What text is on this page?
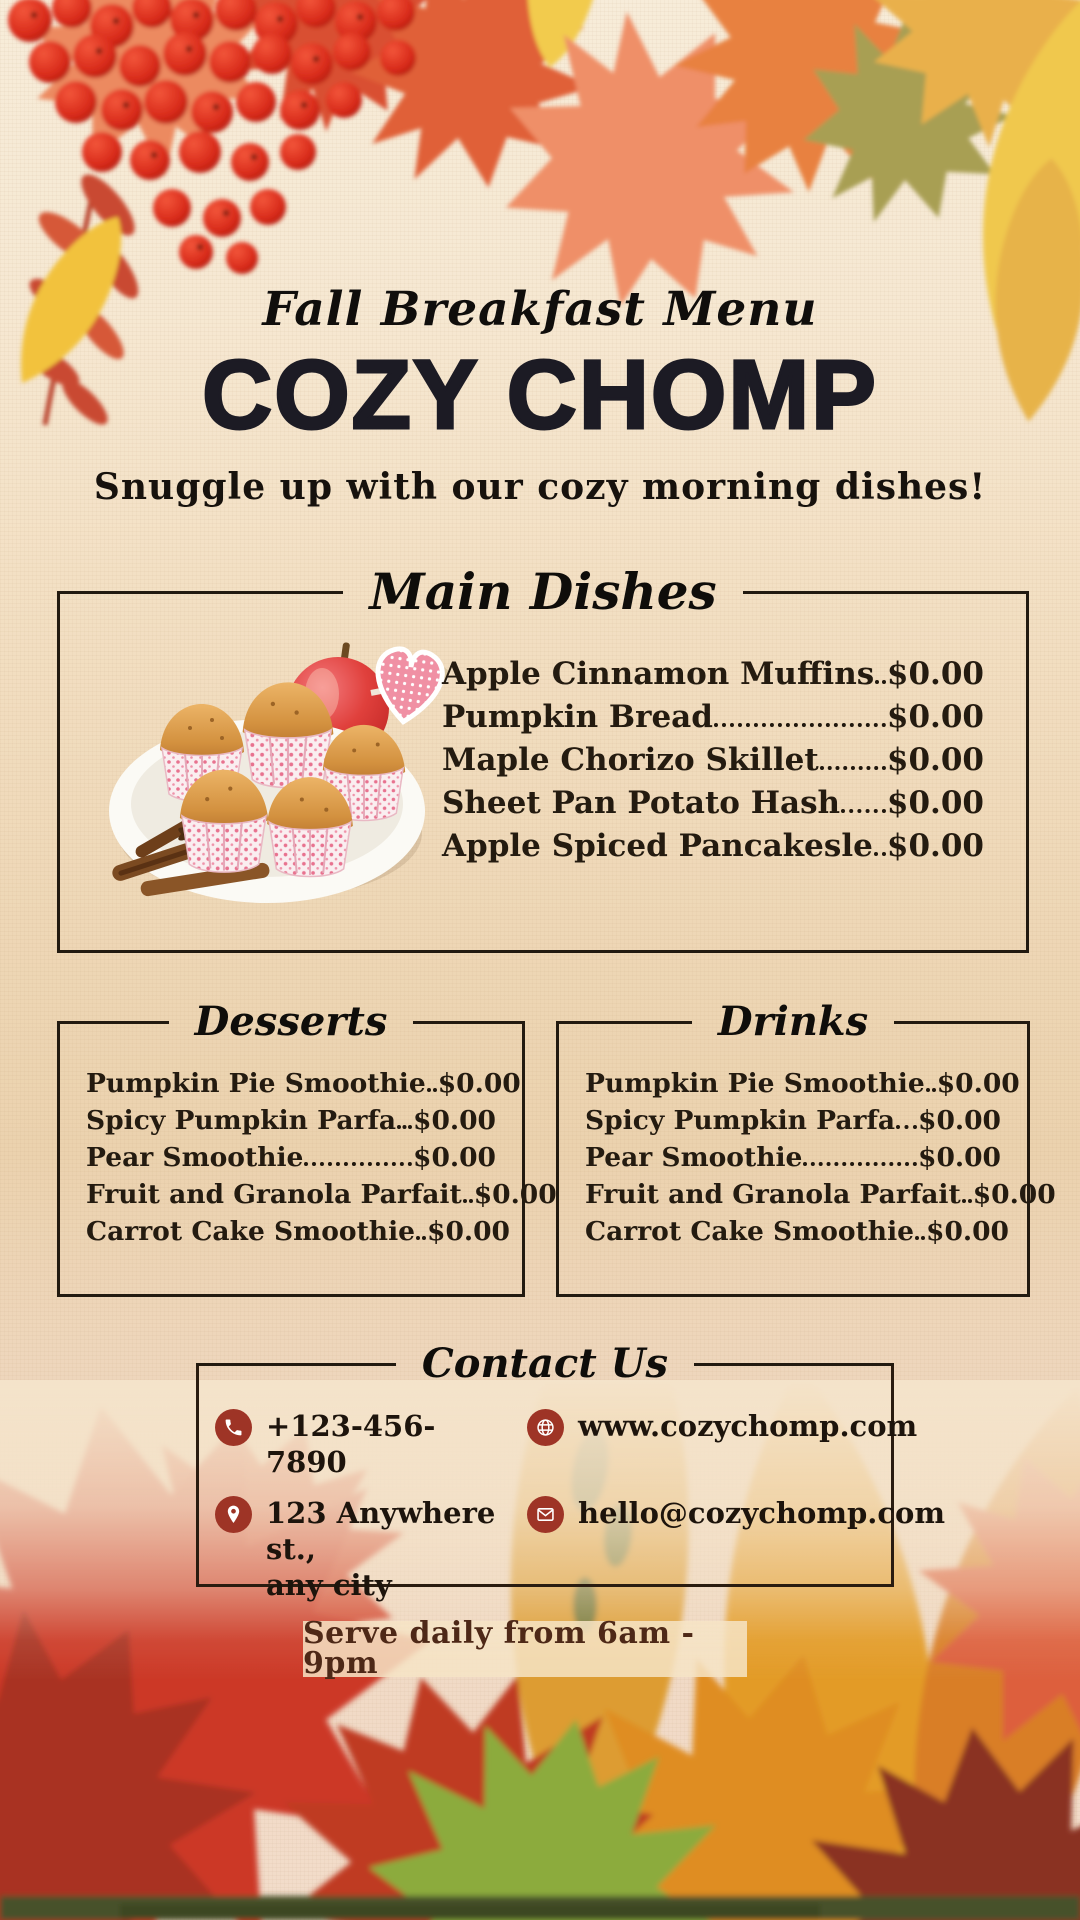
Fall Breakfast Menu
COZY CHOMP
Snuggle up with our cozy morning dishes!
Main Dishes
Apple Cinnamon Muffins $0.00
Pumpkin Bread	$0.00
Maple Chorizo Skillet $0.00
Sheet Pan Potato Hash $0.00
Apple Spiced Pancakesle $0.00
Desserts
Pumpkin Pie Smoothie $0.00
Spicy Pumpkin Parfa $0.00
Pear Smoothie	$0.00
Fruit and Granola Parfait $0.00
Carrot Cake Smoothie $0.00
Drinks
Pumpkin Pie Smoothie $0.00
Spicy Pumpkin Parfa $0.00
Pear Smoothie	$0.00
Fruit and Granola Parfait $0.00
Carrot Cake Smoothie $0.00
Contact Us
+123-456-7890
www.cozychomp.com
123 Anywhere st.,
any city
hello@cozychomp.com
Serve daily from 6am - 9pm
